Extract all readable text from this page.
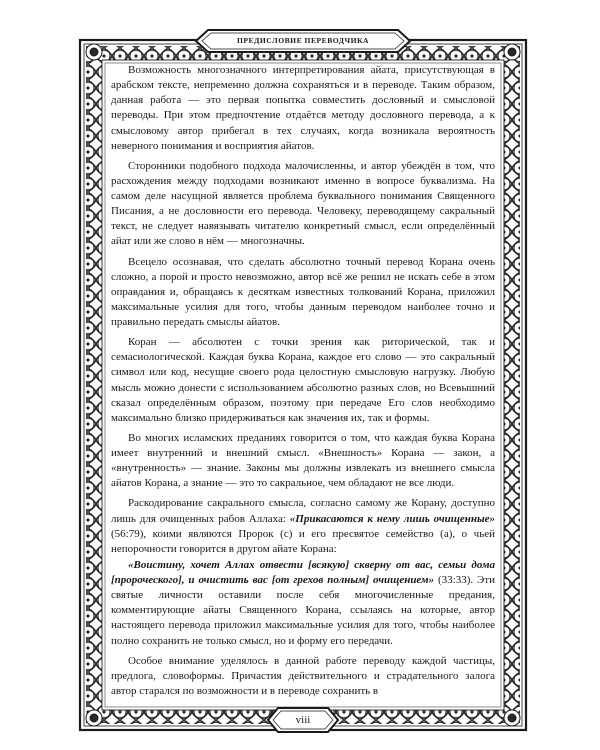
ПРЕДИСЛОВИЕ ПЕРЕВОДЧИКА

Возможность многозначного интерпретирования айата, присутствующая в арабском тексте, непременно должна сохраняться и в переводе. Таким образом, данная работа — это первая попытка совместить дословный и смысловой переводы. При этом предпочтение отдаётся методу дословного перевода, а к смысловому автор прибегал в тех случаях, когда возникала вероятность неверного понимания и восприятия айатов.

Сторонники подобного подхода малочисленны, и автор убеждён в том, что расхождения между подходами возникают именно в вопросе буквализма. На самом деле насущной является проблема буквального понимания Священного Писания, а не дословности его перевода. Человеку, переводящему сакральный текст, не следует навязывать читателю конкретный смысл, если определённый айат или же слово в нём — многозначны.

Всецело осознавая, что сделать абсолютно точный перевод Корана очень сложно, а порой и просто невозможно, автор всё же решил не искать себе в этом оправдания и, обращаясь к десяткам известных толкований Корана, приложил максимальные усилия для того, чтобы данным переводом наиболее точно и правильно передать смыслы айатов.

Коран — абсолютен с точки зрения как риторической, так и семасиологической. Каждая буква Корана, каждое его слово — это сакральный символ или код, несущие своего рода целостную смысловую нагрузку. Любую мысль можно донести с использованием абсолютно разных слов, но Всевышний сказал определённым образом, поэтому при передаче Его слов необходимо максимально близко придерживаться как значения их, так и формы.

Во многих исламских преданиях говорится о том, что каждая буква Корана имеет внутренний и внешний смысл. «Внешность» Корана — закон, а «внутренность» — знание. Законы мы должны извлекать из внешнего смысла айатов Корана, а знание — это то сакральное, чем обладают не все люди.

Раскодирование сакрального смысла, согласно самому же Корану, доступно лишь для очищенных рабов Аллаха: «Прикасаются к нему лишь очищенные» (56:79), коими являются Пророк (с) и его пресвятое семейство (а), о чьей непорочности говорится в другом айате Корана:

«Воистину, хочет Аллах отвести [всякую] скверну от вас, семьи дома [пророческого], и очистить вас [от грехов полным] очищением» (33:33). Эти святые личности оставили после себя многочисленные предания, комментирующие айаты Священного Корана, ссылаясь на которые, автор настоящего перевода приложил максимальные усилия для того, чтобы наиболее полно сохранить не только смысл, но и форму его передачи.

Особое внимание уделялось в данной работе переводу каждой частицы, предлога, словоформы. Причастия действительного и страдательного залога автор старался по возможности и в переводе сохранить в

viii
